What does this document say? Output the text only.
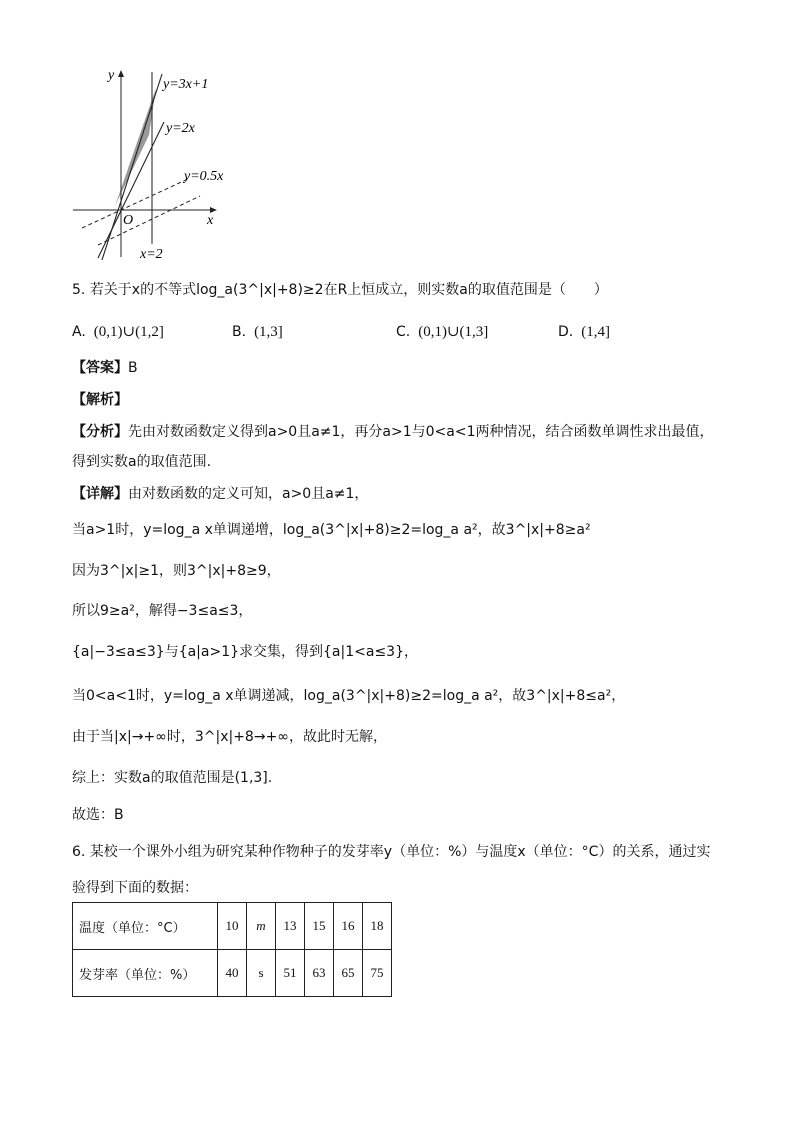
y
x
O
y=3x+1
y=2x
y=0.5x
x=2
5. 若关于x的不等式log_a(3^|x|+8)≥2在R上恒成立，则实数a的取值范围是（　　）
A. (0,1)∪(1,2]	B. (1,3]	C. (0,1)∪(1,3]	D. (1,4]
【答案】B
【解析】
【分析】先由对数函数定义得到a>0且a≠1，再分a>1与0<a<1两种情况，结合函数单调性求出最值，
得到实数a的取值范围.
【详解】由对数函数的定义可知，a>0且a≠1，
当a>1时，y=log_a x单调递增，log_a(3^|x|+8)≥2=log_a a²，故3^|x|+8≥a²
因为3^|x|≥1，则3^|x|+8≥9，
所以9≥a²，解得−3≤a≤3，
{a|−3≤a≤3}与{a|a>1}求交集，得到{a|1<a≤3}，
当0<a<1时，y=log_a x单调递减，log_a(3^|x|+8)≥2=log_a a²，故3^|x|+8≤a²，
由于当|x|→+∞时，3^|x|+8→+∞，故此时无解，
综上：实数a的取值范围是(1,3].
故选：B
6. 某校一个课外小组为研究某种作物种子的发芽率y（单位：%）与温度x（单位：°C）的关系，通过实
验得到下面的数据：
温度（单位：°C）	10	m	13	15	16	18
发芽率（单位：%）	40	s	51	63	65	75
